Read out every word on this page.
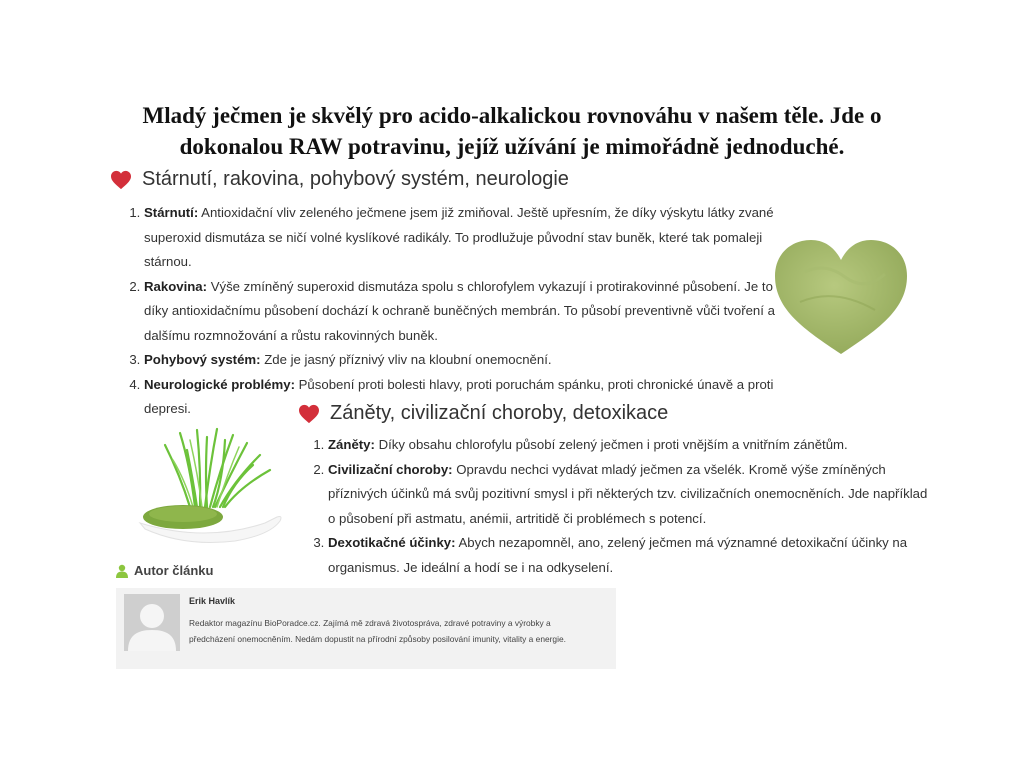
Mladý ječmen je skvělý pro acido-alkalickou rovnováhu v našem těle. Jde o
dokonalou RAW potravinu, jejíž užívání je mimořádně jednoduché.
Stárnutí, rakovina, pohybový systém, neurologie
1. Stárnutí: Antioxidační vliv zeleného ječmene jsem již zmiňoval. Ještě upřesním, že díky výskytu látky zvané superoxid dismutáza se ničí volné kyslíkové radikály. To prodlužuje původní stav buněk, které tak pomaleji stárnou.
2. Rakovina: Výše zmíněný superoxid dismutáza spolu s chlorofylem vykazují i protirakovinné působení. Je to díky antioxidačnímu působení dochází k ochraně buněčných membrán. To působí preventivně vůči tvoření a dalšímu rozmnožování a růstu rakovinných buněk.
3. Pohybový systém: Zde je jasný příznivý vliv na kloubní onemocnění.
4. Neurologické problémy: Působení proti bolesti hlavy, proti poruchám spánku, proti chronické únavě a proti depresi.	Záněty, civilizační choroby, detoxikace
1. Záněty: Díky obsahu chlorofylu působí zelený ječmen i proti vnějším a vnitřním zánětům.
2. Civilizační choroby: Opravdu nechci vydávat mladý ječmen za všelék. Kromě výše zmíněných příznivých účinků má svůj pozitivní smysl i při některých tzv. civilizačních onemocněních. Jde například o působení při astmatu, anémii, artritidě či problémech s potencí.
3. Dexotikačné účinky: Abych nezapomněl, ano, zelený ječmen má významné detoxikační účinky na organismus. Je ideální a hodí se i na odkyselení.
Autor článku
Erik Havlík
Redaktor magazínu BioPoradce.cz. Zajímá mě zdravá životospráva, zdravé potraviny a výrobky a předcházení onemocněním. Nedám dopustit na přírodní způsoby posilování imunity, vitality a energie.
